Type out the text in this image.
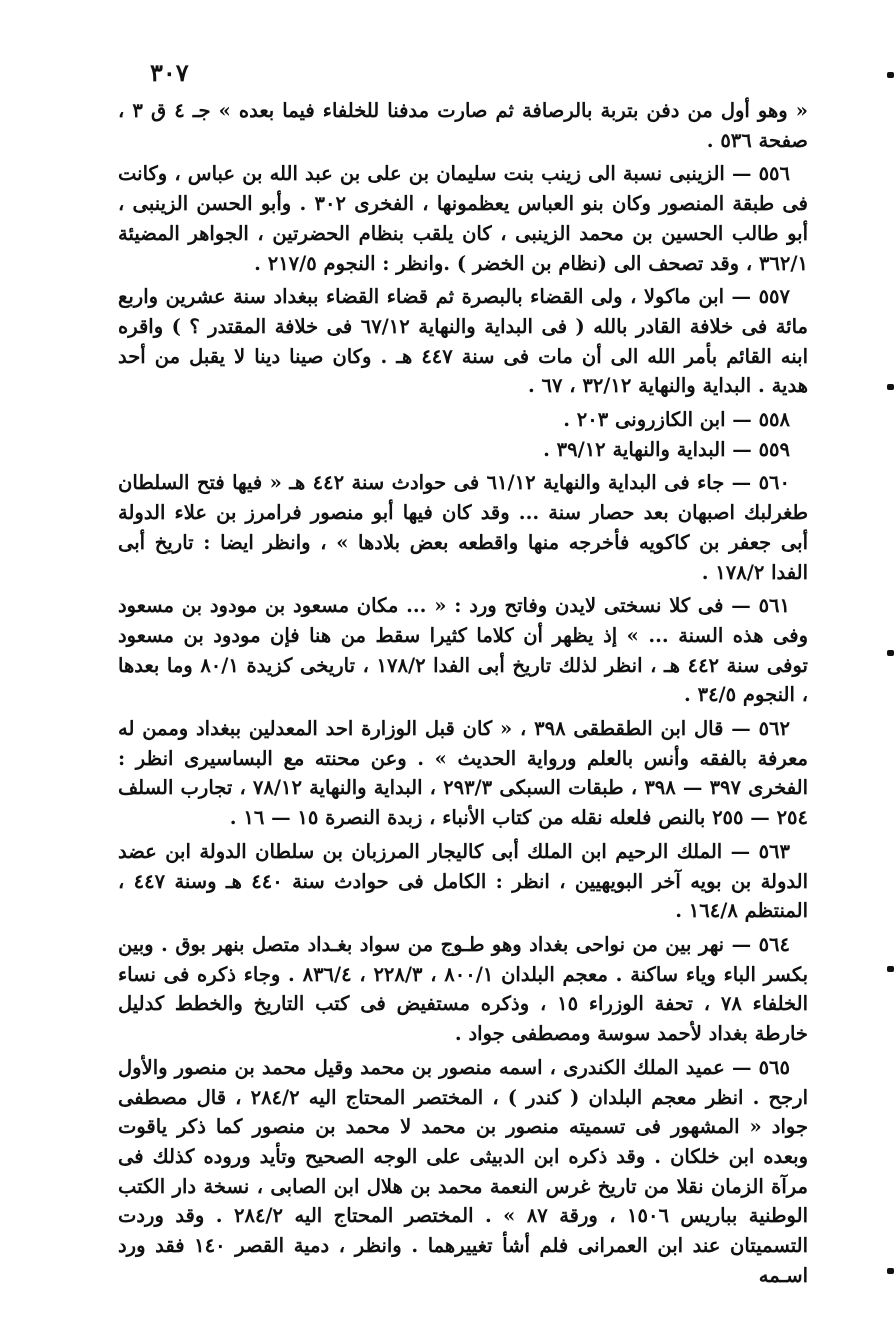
٣٠٧

« وهو أول من دفن بتربة بالرصافة ثم صارت مدفنا للخلفاء فيما بعده » جـ ٤ ق ٣ ، صفحة ٥٣٦ .

٥٥٦ — الزينبى نسبة الى زينب بنت سليمان بن على بن عبد الله بن عباس ، وكانت فى طبقة المنصور وكان بنو العباس يعظمونها ، الفخرى ٣٠٢ . وأبو الحسن الزينبى ، أبو طالب الحسين بن محمد الزينبى ، كان يلقب بنظام الحضرتين ، الجواهر المضيئة ٣٦٢/١ ، وقد تصحف الى (نظام بن الخضر ) .وانظر : النجوم ٢١٧/٥ .

٥٥٧ — ابن ماكولا ، ولى القضاء بالبصرة ثم قضاء القضاء ببغداد سنة عشرين واربع مائة فى خلافة القادر بالله ( فى البداية والنهاية ٦٧/١٢ فى خلافة المقتدر ؟ ) واقره ابنه القائم بأمر الله الى أن مات فى سنة ٤٤٧ هـ . وكان صينا دينا لا يقبل من أحد هدية . البداية والنهاية ٣٢/١٢ ، ٦٧ .

٥٥٨ — ابن الكازرونى ٢٠٣ .

٥٥٩ — البداية والنهاية ٣٩/١٢ .

٥٦٠ — جاء فى البداية والنهاية ٦١/١٢ فى حوادث سنة ٤٤٢ هـ « فيها فتح السلطان طغرلبك اصبهان بعد حصار سنة ... وقد كان فيها أبو منصور فرامرز بن علاء الدولة أبى جعفر بن كاكويه فأخرجه منها واقطعه بعض بلادها » ، وانظر ايضا : تاريخ أبى الفدا ١٧٨/٢ .

٥٦١ — فى كلا نسختى لايدن وفاتح ورد : « ... مكان مسعود بن مودود بن مسعود وفى هذه السنة ... » إذ يظهر أن كلاما كثيرا سقط من هنا فإن مودود بن مسعود توفى سنة ٤٤٢ هـ ، انظر لذلك تاريخ أبى الفدا ١٧٨/٢ ، تاريخى كزيدة ٨٠/١ وما بعدها ، النجوم ٣٤/٥ .

٥٦٢ — قال ابن الطقطقى ٣٩٨ ، « كان قبل الوزارة احد المعدلين ببغداد وممن له معرفة بالفقه وأنس بالعلم ورواية الحديث » . وعن محنته مع البساسيرى انظر : الفخرى ٣٩٧ — ٣٩٨ ، طبقات السبكى ٢٩٣/٣ ، البداية والنهاية ٧٨/١٢ ، تجارب السلف ٢٥٤ — ٢٥٥ بالنص فلعله نقله من كتاب الأنباء ، زبدة النصرة ١٥ — ١٦ .

٥٦٣ — الملك الرحيم ابن الملك أبى كاليجار المرزبان بن سلطان الدولة ابن عضد الدولة بن بويه آخر البويهيين ، انظر : الكامل فى حوادث سنة ٤٤٠ هـ وسنة ٤٤٧ ، المنتظم ١٦٤/٨ .

٥٦٤ — نهر بين من نواحى بغداد وهو طـوج من سواد بغـداد متصل بنهر بوق . وبين بكسر الباء وياء ساكنة . معجم البلدان ٨٠٠/١ ، ٢٢٨/٣ ، ٨٣٦/٤ . وجاء ذكره فى نساء الخلفاء ٧٨ ، تحفة الوزراء ١٥ ، وذكره مستفيض فى كتب التاريخ والخطط كدليل خارطة بغداد لأحمد سوسة ومصطفى جواد .

٥٦٥ — عميد الملك الكندرى ، اسمه منصور بن محمد وقيل محمد بن منصور والأول ارجح . انظر معجم البلدان ( كندر ) ، المختصر المحتاج اليه ٢٨٤/٢ ، قال مصطفى جواد « المشهور فى تسميته منصور بن محمد لا محمد بن منصور كما ذكر ياقوت وبعده ابن خلكان . وقد ذكره ابن الدبيثى على الوجه الصحيح وتأيد وروده كذلك فى مرآة الزمان نقلا من تاريخ غرس النعمة محمد بن هلال ابن الصابى ، نسخة دار الكتب الوطنية بباريس ١٥٠٦ ، ورقة ٨٧ » . المختصر المحتاج اليه ٢٨٤/٢ . وقد وردت التسميتان عند ابن العمرانى فلم أشأ تغييرهما . وانظر ، دمية القصر ١٤٠ فقد ورد اسـمه
